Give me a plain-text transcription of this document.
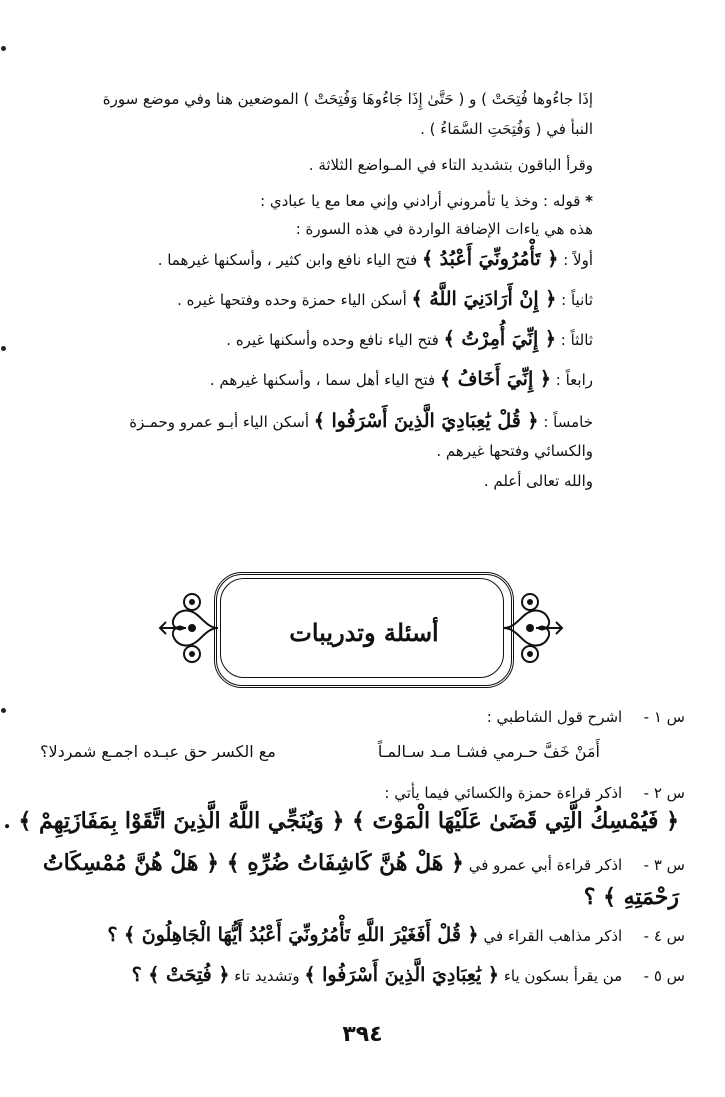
إذَا جاءُوها فُتِحَتْ ) و ( حَتَّىٰ إِذَا جَاءُوهَا وَفُتِحَتْ ) الموضعين هنا وفي موضع سورة
النبأ في ( وَفُتِحَتِ السَّمَاءُ ) .
وقرأ الباقون بتشديد التاء في المـواضع الثلاثة .
* قوله : وخذ يا تأمروني أرادني وإني معا مع يا عبادي :
هذه هي ياءات الإضافة الواردة في هذه السورة :
أولاً : ﴿ تَأْمُرُونِّيَ أَعْبُدُ ﴾ فتح الياء نافع وابن كثير ، وأسكنها غيرهما .
ثانياً : ﴿ إِنْ أَرَادَنِيَ اللَّهُ ﴾ أسكن الياء حمزة وحده وفتحها غيره .
ثالثاً : ﴿ إِنِّيَ أُمِرْتُ ﴾ فتح الياء نافع وحده وأسكنها غيره .
رابعاً : ﴿ إِنِّيَ أَخَافُ ﴾ فتح الياء أهل سما ، وأسكنها غيرهم .
خامساً : ﴿ قُلْ يَٰعِبَادِيَ الَّذِينَ أَسْرَفُوا ﴾ أسكن الياء أبـو عمرو وحمـزة
والكسائي وفتحها غيرهم .
والله تعالى أعلم .
أسئلة وتدريبات
س ١ - اشرح قول الشاطبي :
أَمَنْ خَفَّ حـرمي فشـا مـد سـالمـاً
مع الكسر حق عبـده اجمـع شمردلا؟
س ٢ - اذكر قراءة حمزة والكسائي فيما يأتي :
﴿ فَيُمْسِكُ الَّتِي قَضَىٰ عَلَيْهَا الْمَوْتَ ﴾ ﴿ وَيُنَجِّي اللَّهُ الَّذِينَ اتَّقَوْا بِمَفَازَتِهِمْ ﴾ .
س ٣ - اذكر قراءة أبي عمرو في ﴿ هَلْ هُنَّ كَاشِفَاتُ ضُرِّهِ ﴾ ﴿ هَلْ هُنَّ مُمْسِكَاتُ
رَحْمَتِهِ ﴾ ؟
س ٤ - اذكر مذاهب القراء في ﴿ قُلْ أَفَغَيْرَ اللَّهِ تَأْمُرُونِّيَ أَعْبُدُ أَيُّهَا الْجَاهِلُونَ ﴾ ؟
س ٥ - من يقرأ بسكون ياء ﴿ يَٰعِبَادِيَ الَّذِينَ أَسْرَفُوا ﴾ وتشديد تاء ﴿ فُتِحَتْ ﴾ ؟
٣٩٤
